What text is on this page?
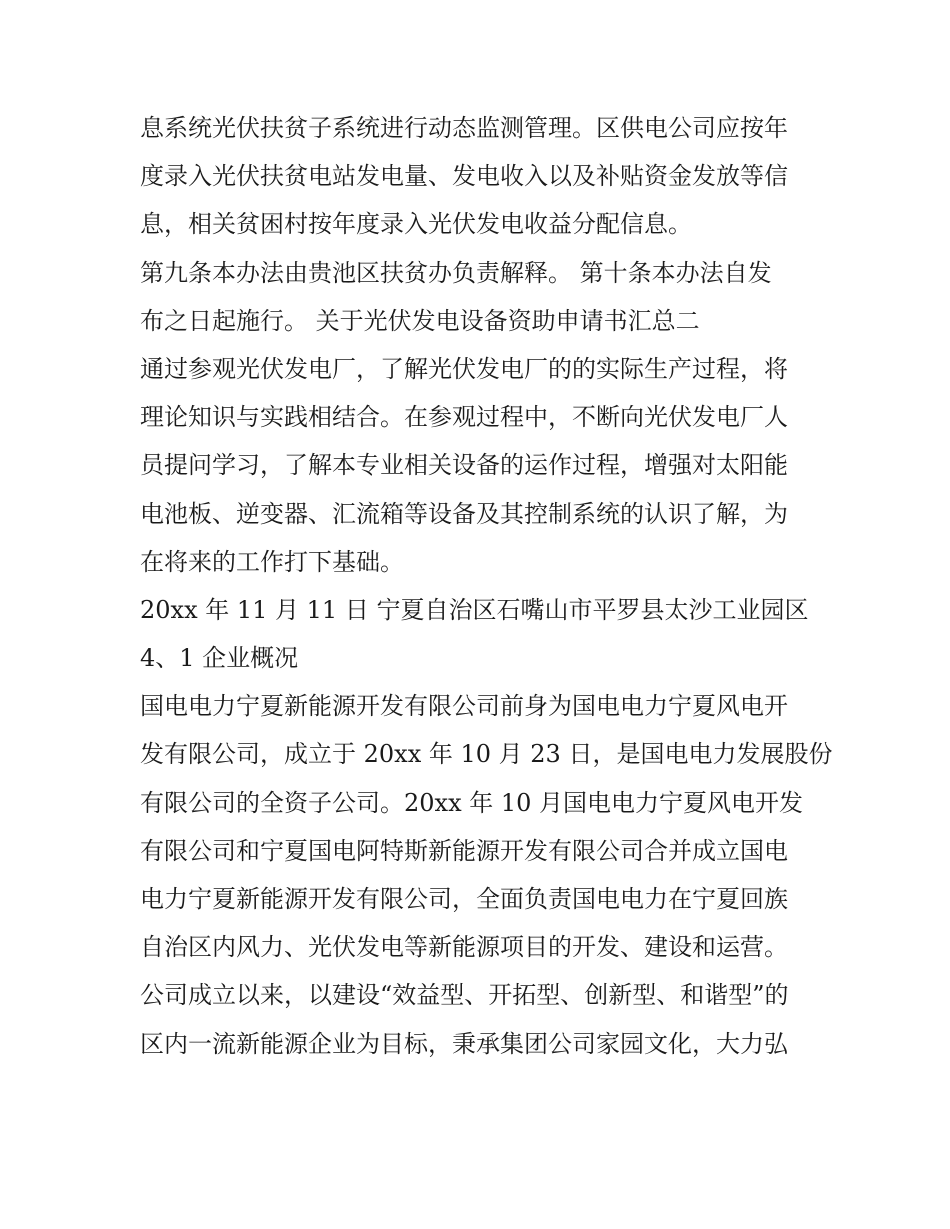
息系统光伏扶贫子系统进行动态监测管理。区供电公司应按年
度录入光伏扶贫电站发电量、发电收入以及补贴资金发放等信
息，相关贫困村按年度录入光伏发电收益分配信息。
第九条本办法由贵池区扶贫办负责解释。 第十条本办法自发
布之日起施行。 关于光伏发电设备资助申请书汇总二
通过参观光伏发电厂，了解光伏发电厂的的实际生产过程，将
理论知识与实践相结合。在参观过程中，不断向光伏发电厂人
员提问学习，了解本专业相关设备的运作过程，增强对太阳能
电池板、逆变器、汇流箱等设备及其控制系统的认识了解，为
在将来的工作打下基础。
20xx 年 11 月 11 日 宁夏自治区石嘴山市平罗县太沙工业园区
4、1 企业概况
国电电力宁夏新能源开发有限公司前身为国电电力宁夏风电开
发有限公司，成立于 20xx 年 10 月 23 日，是国电电力发展股份
有限公司的全资子公司。20xx 年 10 月国电电力宁夏风电开发
有限公司和宁夏国电阿特斯新能源开发有限公司合并成立国电
电力宁夏新能源开发有限公司，全面负责国电电力在宁夏回族
自治区内风力、光伏发电等新能源项目的开发、建设和运营。
公司成立以来，以建设“效益型、开拓型、创新型、和谐型”的
区内一流新能源企业为目标，秉承集团公司家园文化，大力弘
